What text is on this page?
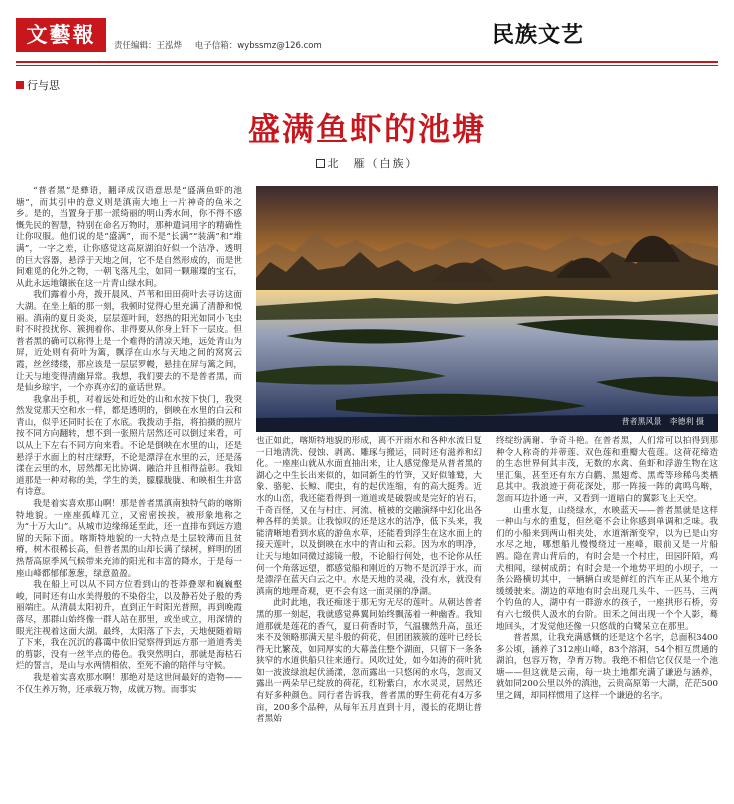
文藝報	责任编辑：王泓烨 电子信箱：wybssmz@126.com	民族文艺
行与思
盛满鱼虾的池塘
北　雁（白族）

“普者黑”是彝语，翻译成汉语意思是“盛满鱼虾的池塘”，而其引申的意义则是滇南大地上一片神奇的鱼米之乡。是的，当置身于那一派绮丽的明山秀水间，你不得不感慨先民的智慧，特别在命名万物时，那种遣词用字的精确性让你叹服。他们说的是“盛满”，而不是“长满”“装满”和“堆满”，一字之差，让你感觉这高原湖泊好似一个洁净、透明的巨大容器，悬浮于天地之间，它不是自然形成的，而是世间难觅的化外之物，一朝飞落凡尘，如同一颗璀璨的宝石，从此永远地镶嵌在这一片青山绿水间。

我们露着小舟，拨开晨风、芦苇和田田荷叶去寻访这面大湖。在坐上船的那一刻，我顿时觉得心里充满了清静和悦丽。滇南的夏日炎炎，层层莲叶间，怒热的阳光如同小飞虫时不时投扰你、簇拥着你、非得要从你身上钎下一层皮。但普者黑的确可以称得上是一个难得的清凉天地，远处青山为屏，近处则有荷叶为篱，飘浮在山水与天地之间的窝窝云霞，丝丝缕缕，那应该是一层层罗幔，悬挂在屏与篱之间，让天与地变得清幽异常。我想，我们要去的不是普者黑，而是仙乡琼宇，一个亦真亦幻的童话世界。

我拿出手机，对着远处和近处的山和水按下快门，我突然发觉那天空和水一样，都是透明的，倒映在水里的白云和青山，似乎还同时长在了水底。我拨动手指，将拍摄的照片按不同方向翻转，想不到一张照片居然还可以倒过来看，可以从上下左右不同方向来看。不论是倒映在水里的山，还是悬浮于水面上的村庄绿野，不论是漂浮在水里的云，还是荡漾在云里的水，居然都无比协调、融洽并且相得益彰。我知道那是一种对称的美，学生的美，朦朦胧胧、和映相生并富有诗意。

我是着实喜欢那山啊！那是普者黑滇南独特气韵的喀斯特地貌。一座座孤峰兀立，又密密挨挨，被形象地称之为“十万大山”。从城市边缘绵延至此，还一直排布到远方遗留的天际下面。喀斯特地貌的一大特点是土层较薄而且贫瘠，树木很稀长高，但普者黑的山却长满了绿树，鲜明的团热帮高原季风气候带来充沛的阳光和丰富的降水，于是每一座山峰都郁郁葱葱，绿意盈盈。

我在船上可以从不同方位看到山的苍莽叠翠和巍巍壑峻，同时还有山水美得般的不染俗尘，以及静若处子般的秀丽端庄。从清晨太阳初升，直到正午时阳光普照，再到晚霞落尽，那群山始终像一群人站在那里，或坐或立，用深情的眼光注视着这面大湖。最终，太阳落了下去，天地便随着暗了下来，我在沉沉的暮霭中依旧觉察得到远方那一道道秀美的剪影，没有一丝半点的倦色。我突然明白，那就是海枯石烂的誓言，是山与水两情相依、至死不渝的陪伴与守候。

我是着实喜欢那水啊！那绝对是这世间最好的造物——不仅生养万物，还承载万物，成就万物。而事实

普者黑风景　李德利 摄

也正如此，喀斯特地貌的形成，离不开雨水和各种水流日复一日地清洗、侵蚀、剥离、雕琢与搬运，同时还有滋养和幻化。一座座山就从水面直抽出来，让人感觉像是从普者黑的湖心之中生长出来似的，如同新生的竹笋，又好似雏鹫，大象、骆驼、长鲸、爬虫，有的起伏连缩，有的高大挺秀。近水的山峦，我还能看得到一道道或是破裂或是完好的岩石，千奇百怪，又在与村庄、河流、植被的交融演绎中幻化出各种各样的美景。让我惊叹的还是这水的洁净，低下头来，我能清晰地看到水底的游鱼水草，还能看到浮生在这水面上的接天莲叶，以及倒映在水中的青山和云彩。因为水的明净，让天与地如同微过滤镜一般，不论船行何处，也不论你从任何一个角落远望，都感觉船和刚近的万物不是沉浮于水，而是漂浮在蓝天白云之中。水是天地的灵魂，没有水，就没有滇南的地理奇观，更不会有这一面灵丽的净湖。

此时此地，我还痴迷于那无穷无尽的莲叶。从朝达普者黑的那一刻起，我就感觉鼻翼间始终飘荡着一种幽香。我知道那就是莲花的香气，夏日荷香时节，气温骤然升高，虽还来不及领略那满天星斗般的荷花，但团团簇簇的莲叶已经长得无比繁茂，如同厚实的大幕盖住整个湖面，只留下一条条狭窄的水道供船只往来通行。风吹过处，如今如涛的荷叶犹如一波波绿浪起伏涌漾，忽而露出一只悠闲的水鸟，忽而又露出一两朵早已绽放的荷花，红粉紫白，水水灵灵，居然还有好多种颜色。同行者告诉我，普者黑的野生荷花有4万多亩，200多个品种，从每年五月直到十月，漫长的花期让普者黑始

终绽纷满谢、争奇斗艳。在普者黑，人们常可以拍得到那种令人称奇的并蒂莲、双色莲和重瓣大苞莲。这荷花缔造的生态世界何其丰茂，无数的水禽、鱼虾和浮游生物在这里汇集，甚至还有东方白鹳、黑翅鸢、黑鸢等珍稀鸟类栖息其中。我浪迹于荷花深处，那一阵接一阵的禽鸣鸟啭，忽而耳边扑通一声，又看到一道暗白的翼影飞上天空。

山重水复，山绕绿水，水映蓝天——普者黑就是这样一种山与水的重复，但丝毫不会让你感到单调和乏味。我们的小船来到两山相夹处，水道渐渐变窄，以为已是山穷水尽之地，哪想船儿慢慢绕过一座峰，眼前又是一片船鸥。隐在青山背后的，有时会是一个村庄，田园阡陌，鸡犬相闻，绿树成荫；有时会是一个地势平坦的小坝子，一条公路横切其中，一辆辆白或是鲜红的汽车正从某个地方缓缓驶来。湖边的草地有时会出现几头牛、一匹马、三两个钓鱼的人，湖中有一群游水的孩子，一座拱形石桥，旁有六七级供人汲水的台阶。田禾之间出现一个个人影，蓦地回头，才发觉他还像一只悠哉的白鹭呆立在那里。

普者黑，让我充满感慨的还是这个名字，总面积3400多公顷，涵养了312座山峰，83个溶洞，54个相互贯通的湖泊，包容万物，孕育万物。我绝不相信它仅仅是一个池塘——但这就是云南，每一块土地都充满了谦逊与涵养，就如同200公里以外的滇池，云贵高原第一大湖，茫茫500里之阔，却同样惯用了这样一个谦逊的名字。
